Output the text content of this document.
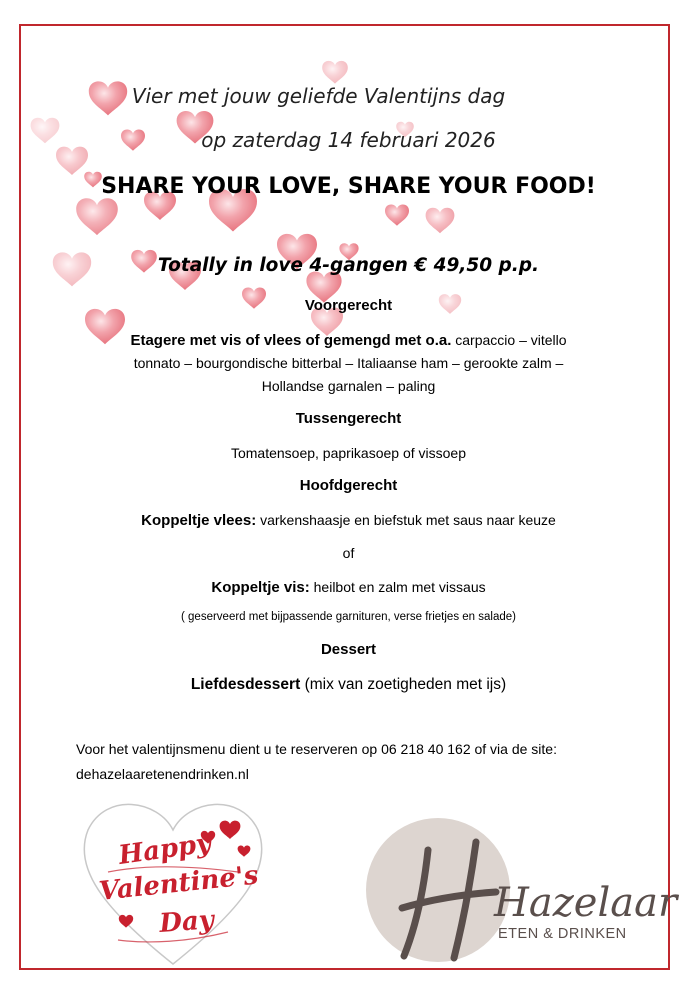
Vier met jouw geliefde Valentijns dag
op zaterdag 14 februari 2026
SHARE YOUR LOVE, SHARE YOUR FOOD!
Totally in love 4-gangen € 49,50 p.p.
Voorgerecht
Etagere met vis of vlees of gemengd met o.a. carpaccio – vitello
tonnato – bourgondische bitterbal – Italiaanse ham – gerookte zalm –
Hollandse garnalen – paling
Tussengerecht
Tomatensoep, paprikasoep of vissoep
Hoofdgerecht
Koppeltje vlees: varkenshaasje en biefstuk met saus naar keuze
of
Koppeltje vis: heilbot en zalm met vissaus
( geserveerd met bijpassende garnituren, verse frietjes en salade)
Dessert
Liefdesdessert (mix van zoetigheden met ijs)
Voor het valentijnsmenu dient u te reserveren op 06 218 40 162 of via de site:
dehazelaaretenendrinken.nl
Happy
Valentine's
Day	Hazelaar
ETEN & DRINKEN
